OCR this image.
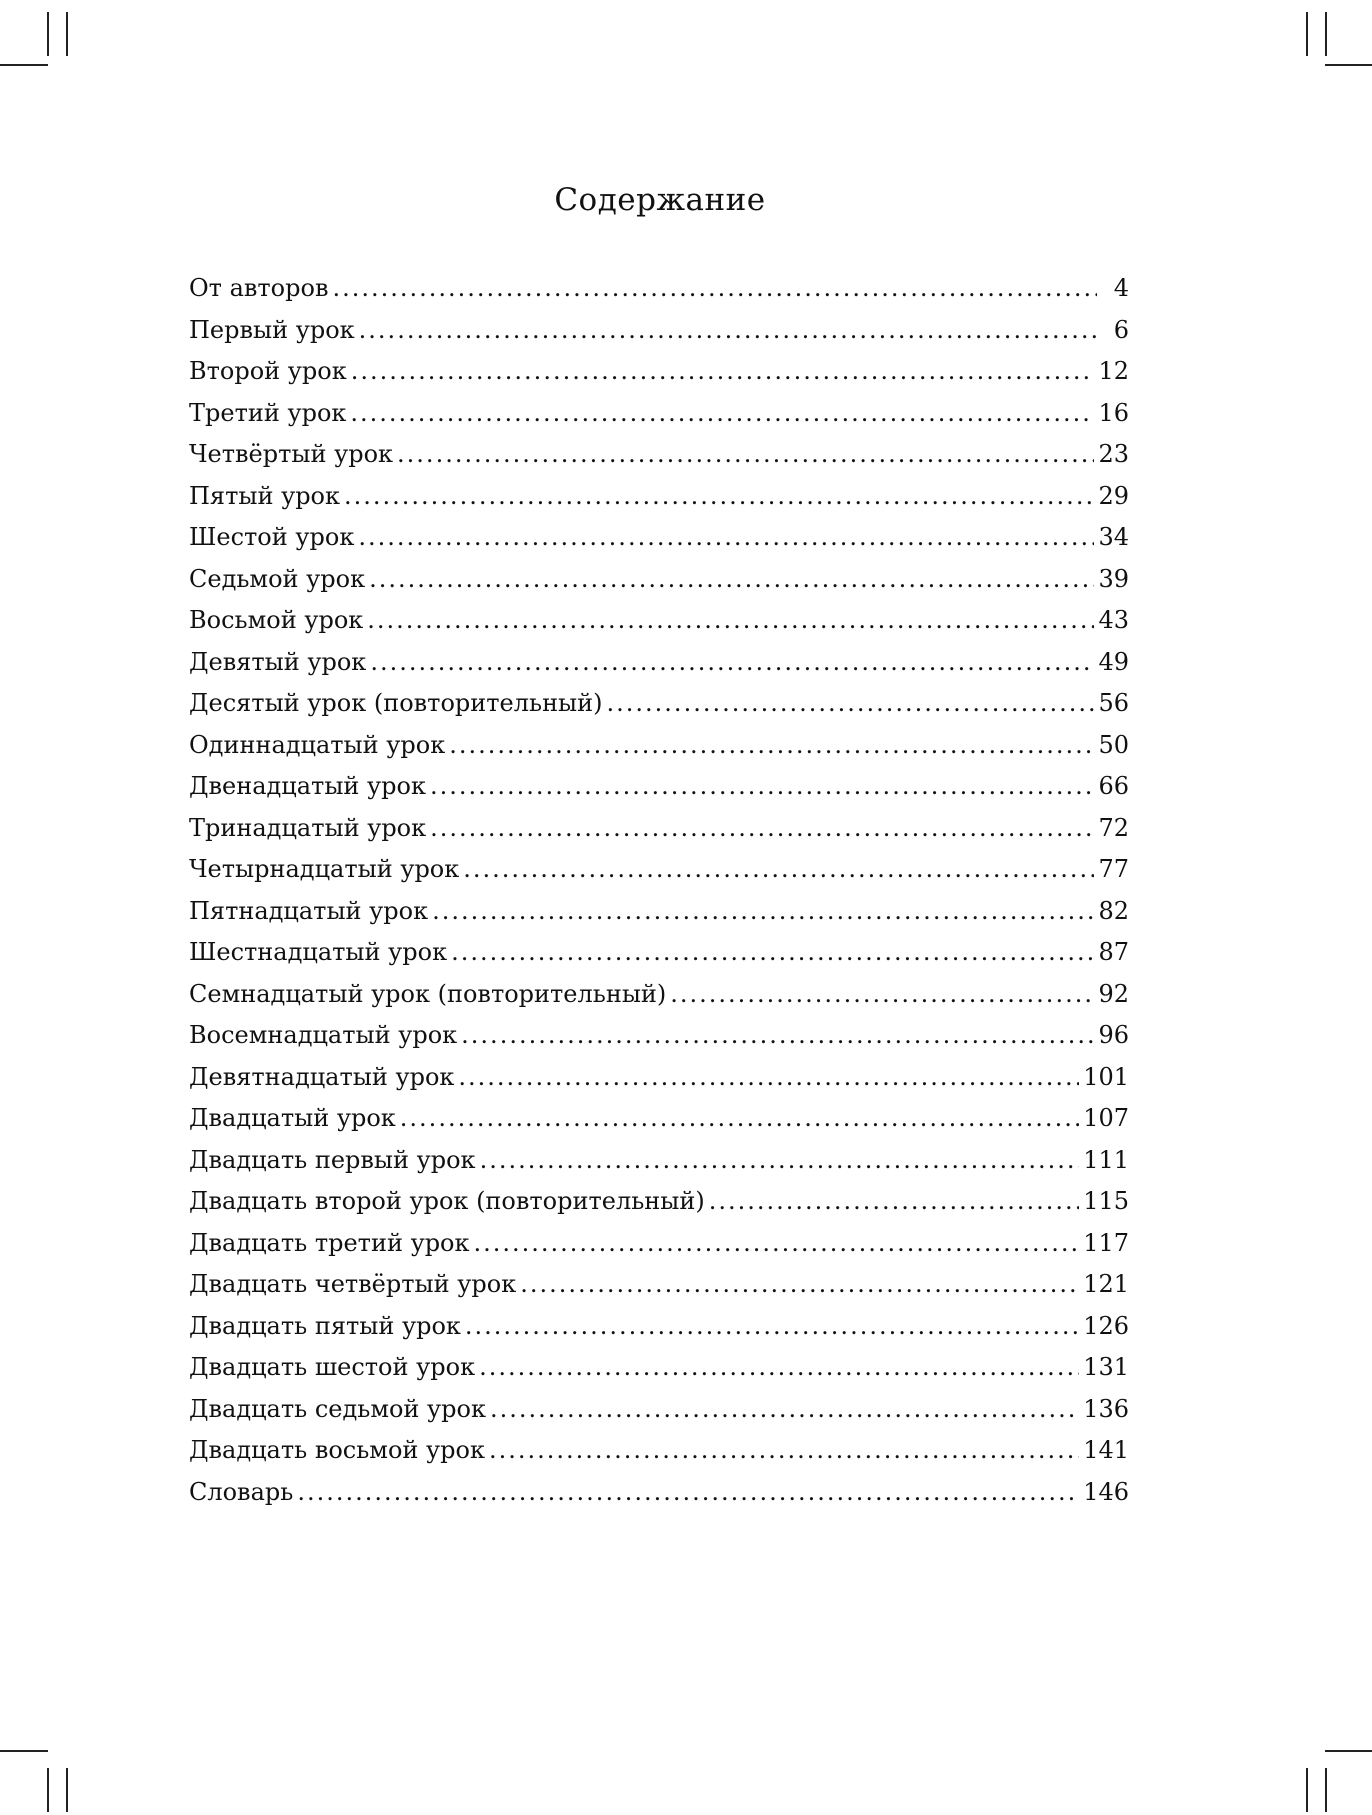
Содержание
От авторов .....	4
Первый урок .....	6
Второй урок .....	12
Третий урок .....	16
Четвёртый урок .....	23
Пятый урок .....	29
Шестой урок .....	34
Седьмой урок .....	39
Восьмой урок .....	43
Девятый урок .....	49
Десятый урок (повторительный) .....	56
Одиннадцатый урок .....	50
Двенадцатый урок .....	66
Тринадцатый урок .....	72
Четырнадцатый урок .....	77
Пятнадцатый урок .....	82
Шестнадцатый урок .....	87
Семнадцатый урок (повторительный) .....	92
Восемнадцатый урок .....	96
Девятнадцатый урок .....	101
Двадцатый урок .....	107
Двадцать первый урок .....	111
Двадцать второй урок (повторительный) .....	115
Двадцать третий урок .....	117
Двадцать четвёртый урок .....	121
Двадцать пятый урок .....	126
Двадцать шестой урок .....	131
Двадцать седьмой урок .....	136
Двадцать восьмой урок .....	141
Словарь .....	146
